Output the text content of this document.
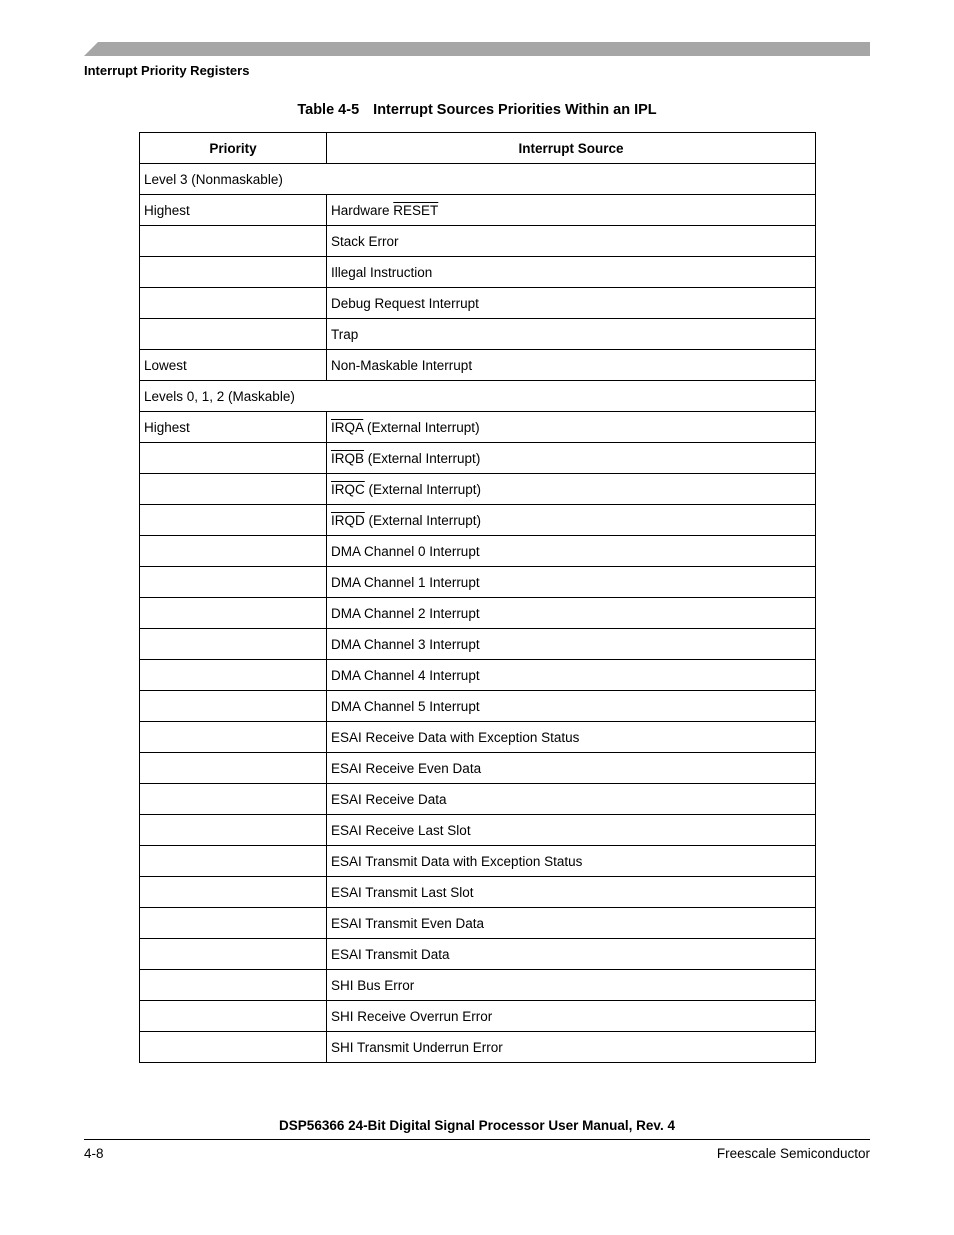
Interrupt Priority Registers
Table 4-5 Interrupt Sources Priorities Within an IPL
Priority	Interrupt Source
Level 3 (Nonmaskable)	
Highest	Hardware RESET
	Stack Error
	Illegal Instruction
	Debug Request Interrupt
	Trap
Lowest	Non-Maskable Interrupt
Levels 0, 1, 2 (Maskable)	
Highest	IRQA (External Interrupt)
	IRQB (External Interrupt)
	IRQC (External Interrupt)
	IRQD (External Interrupt)
	DMA Channel 0 Interrupt
	DMA Channel 1 Interrupt
	DMA Channel 2 Interrupt
	DMA Channel 3 Interrupt
	DMA Channel 4 Interrupt
	DMA Channel 5 Interrupt
	ESAI Receive Data with Exception Status
	ESAI Receive Even Data
	ESAI Receive Data
	ESAI Receive Last Slot
	ESAI Transmit Data with Exception Status
	ESAI Transmit Last Slot
	ESAI Transmit Even Data
	ESAI Transmit Data
	SHI Bus Error
	SHI Receive Overrun Error
	SHI Transmit Underrun Error
DSP56366 24-Bit Digital Signal Processor User Manual, Rev. 4
4-8	Freescale Semiconductor
